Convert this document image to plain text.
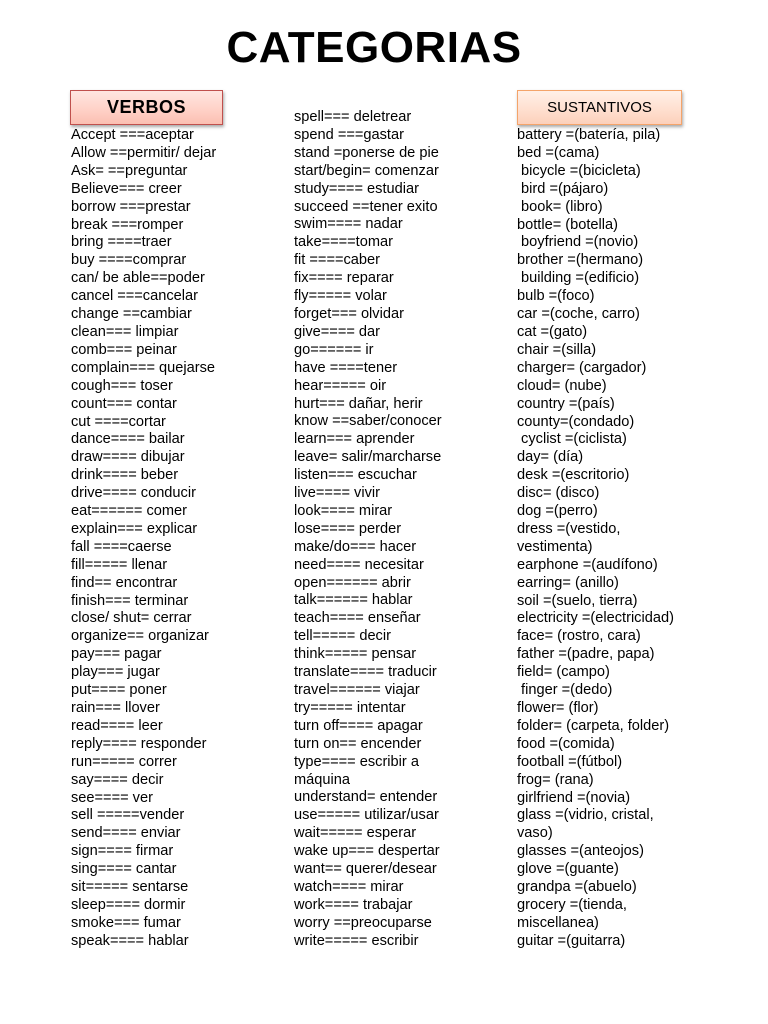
CATEGORIAS
VERBOS	SUSTANTIVOS
Accept ===aceptar
Allow ==permitir/ dejar
Ask= ==preguntar
Believe=== creer
borrow ===prestar
break ===romper
bring ====traer
buy ====comprar
can/ be able==poder
cancel ===cancelar
change ==cambiar
clean=== limpiar
comb=== peinar
complain=== quejarse
cough=== toser
count=== contar
cut ====cortar
dance==== bailar
draw==== dibujar
drink==== beber
drive==== conducir
eat====== comer
explain=== explicar
fall ====caerse
fill===== llenar
find== encontrar
finish=== terminar
close/ shut= cerrar
organize== organizar
pay=== pagar
play=== jugar
put==== poner
rain=== llover
read==== leer
reply==== responder
run===== correr
say==== decir
see==== ver
sell =====vender
send==== enviar
sign==== firmar
sing==== cantar
sit===== sentarse
sleep==== dormir
smoke=== fumar
speak==== hablar
spell=== deletrear
spend ===gastar
stand =ponerse de pie
start/begin= comenzar
study==== estudiar
succeed ==tener exito
swim==== nadar
take====tomar
fit ====caber
fix==== reparar
fly===== volar
forget=== olvidar
give==== dar
go====== ir
have ====tener
hear===== oir
hurt=== dañar, herir
know ==saber/conocer
learn=== aprender
leave= salir/marcharse
listen=== escuchar
live==== vivir
look==== mirar
lose==== perder
make/do=== hacer
need==== necesitar
open====== abrir
talk====== hablar
teach==== enseñar
tell===== decir
think===== pensar
translate==== traducir
travel====== viajar
try===== intentar
turn off==== apagar
turn on== encender
type==== escribir a
máquina
understand= entender
use===== utilizar/usar
wait===== esperar
wake up=== despertar
want== querer/desear
watch==== mirar
work==== trabajar
worry ==preocuparse
write===== escribir
battery =(batería, pila)
bed =(cama)
bicycle =(bicicleta)
bird =(pájaro)
book= (libro)
bottle= (botella)
boyfriend =(novio)
brother =(hermano)
building =(edificio)
bulb =(foco)
car =(coche, carro)
cat =(gato)
chair =(silla)
charger= (cargador)
cloud= (nube)
country =(país)
county=(condado)
cyclist =(ciclista)
day= (día)
desk =(escritorio)
disc= (disco)
dog =(perro)
dress =(vestido,
vestimenta)
earphone =(audífono)
earring= (anillo)
soil =(suelo, tierra)
electricity =(electricidad)
face= (rostro, cara)
father =(padre, papa)
field= (campo)
finger =(dedo)
flower= (flor)
folder= (carpeta, folder)
food =(comida)
football =(fútbol)
frog= (rana)
girlfriend =(novia)
glass =(vidrio, cristal,
vaso)
glasses =(anteojos)
glove =(guante)
grandpa =(abuelo)
grocery =(tienda,
miscellanea)
guitar =(guitarra)
